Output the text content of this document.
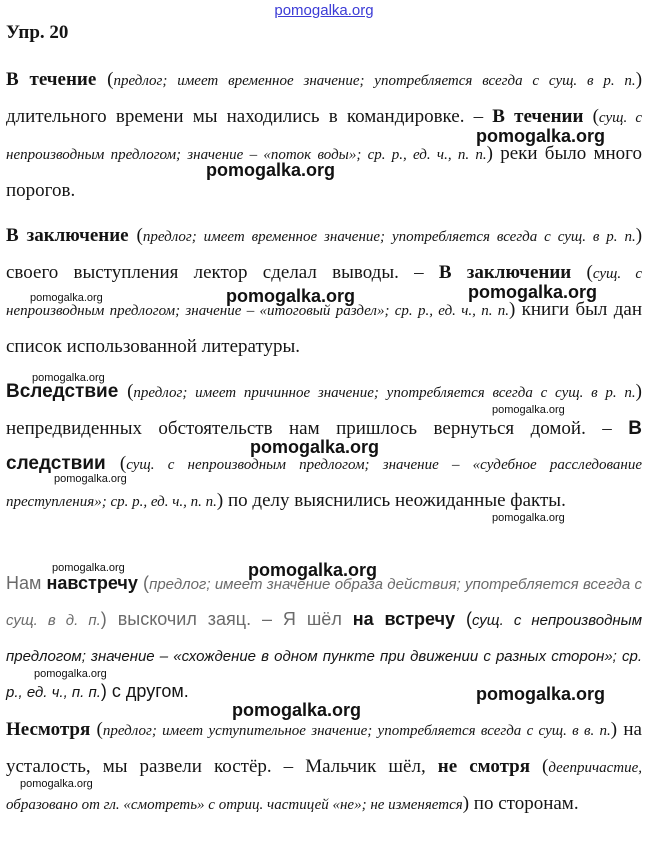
pomogalka.org
Упр. 20
В течение (предлог; имеет временное значение; употребляется всегда с сущ. в р. п.) длительного времени мы находились в командировке. – В течении (сущ. с непроизводным предлогом; значение – «поток воды»; ср. р., ед. ч., п. п.) реки было много порогов.
В заключение (предлог; имеет временное значение; употребляется всегда с сущ. в р. п.) своего выступления лектор сделал выводы. – В заключении (сущ. с непроизводным предлогом; значение – «итоговый раздел»; ср. р., ед. ч., п. п.) книги был дан список использованной литературы.
Вследствие (предлог; имеет причинное значение; употребляется всегда с сущ. в р. п.) непредвиденных обстоятельств нам пришлось вернуться домой. – В следствии (сущ. с непроизводным предлогом; значение – «судебное расследование преступления»; ср. р., ед. ч., п. п.) по делу выяснились неожиданные факты.
Нам навстречу (предлог; имеет значение образа действия; употребляется всегда с сущ. в д. п.) выскочил заяц. – Я шёл на встречу (сущ. с непроизводным предлогом; значение – «схождение в одном пункте при движении с разных сторон»; ср. р., ед. ч., п. п.) с другом.
Несмотря (предлог; имеет уступительное значение; употребляется всегда с сущ. в в. п.) на усталость, мы развели костёр. – Мальчик шёл, не смотря (деепричастие, образовано от гл. «смотреть» с отриц. частицей «не»; не изменяется) по сторонам.
pomogalka.org
pomogalka.org
pomogalka.org	pomogalka.org
pomogalka.org
pomogalka.org
pomogalka.org
pomogalka.org
pomogalka.org
pomogalka.org
pomogalka.org	pomogalka.org
pomogalka.org
pomogalka.org
pomogalka.org
pomogalka.org
